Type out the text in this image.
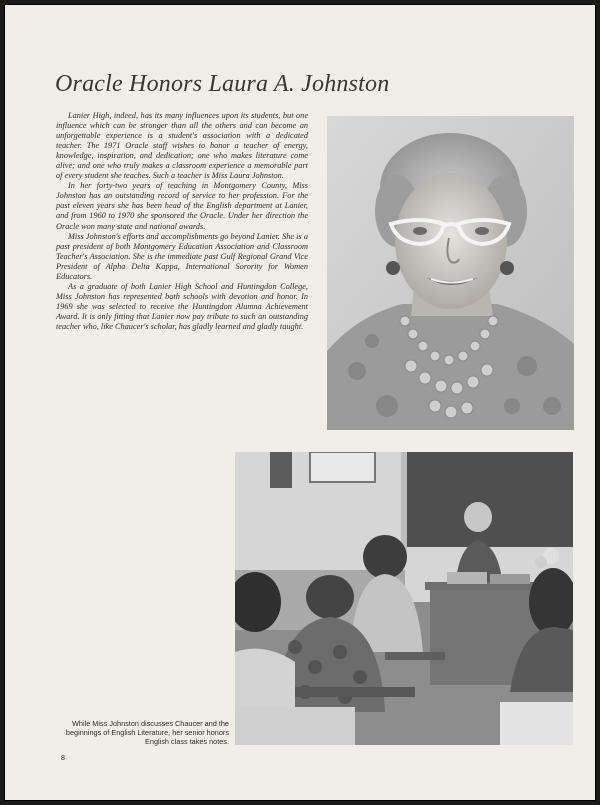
Oracle Honors Laura A. Johnston

Lanier High, indeed, has its many influences upon its students, but one influence which can be stronger than all the others and can become an unforgettable experience is a student's association with a dedicated teacher. The 1971 Oracle staff wishes to honor a teacher of energy, knowledge, inspiration, and dedication; one who makes literature come alive; and one who truly makes a classroom experience a memorable part of every student she teaches. Such a teacher is Miss Laura Johnston.

In her forty-two years of teaching in Montgomery County, Miss Johnston has an outstanding record of service to her profession. For the past eleven years she has been head of the English department at Lanier, and from 1960 to 1970 she sponsored the Oracle. Under her direction the Oracle won many state and national awards.

Miss Johnston's efforts and accomplishments go beyond Lanier. She is a past president of both Montgomery Education Association and Classroom Teacher's Association. She is the immediate past Gulf Regional Grand Vice President of Alpha Delta Kappa, International Sorority for Women Educators.

As a graduate of both Lanier High School and Huntingdon College, Miss Johnston has represented both schools with devotion and honor. In 1969 she was selected to receive the Huntingdon Alumna Achievement Award. It is only fitting that Lanier now pay tribute to such an outstanding teacher who, like Chaucer's scholar, has gladly learned and gladly taught.

While Miss Johnston discusses Chaucer and the beginnings of English Literature, her senior honors English class takes notes.

8
